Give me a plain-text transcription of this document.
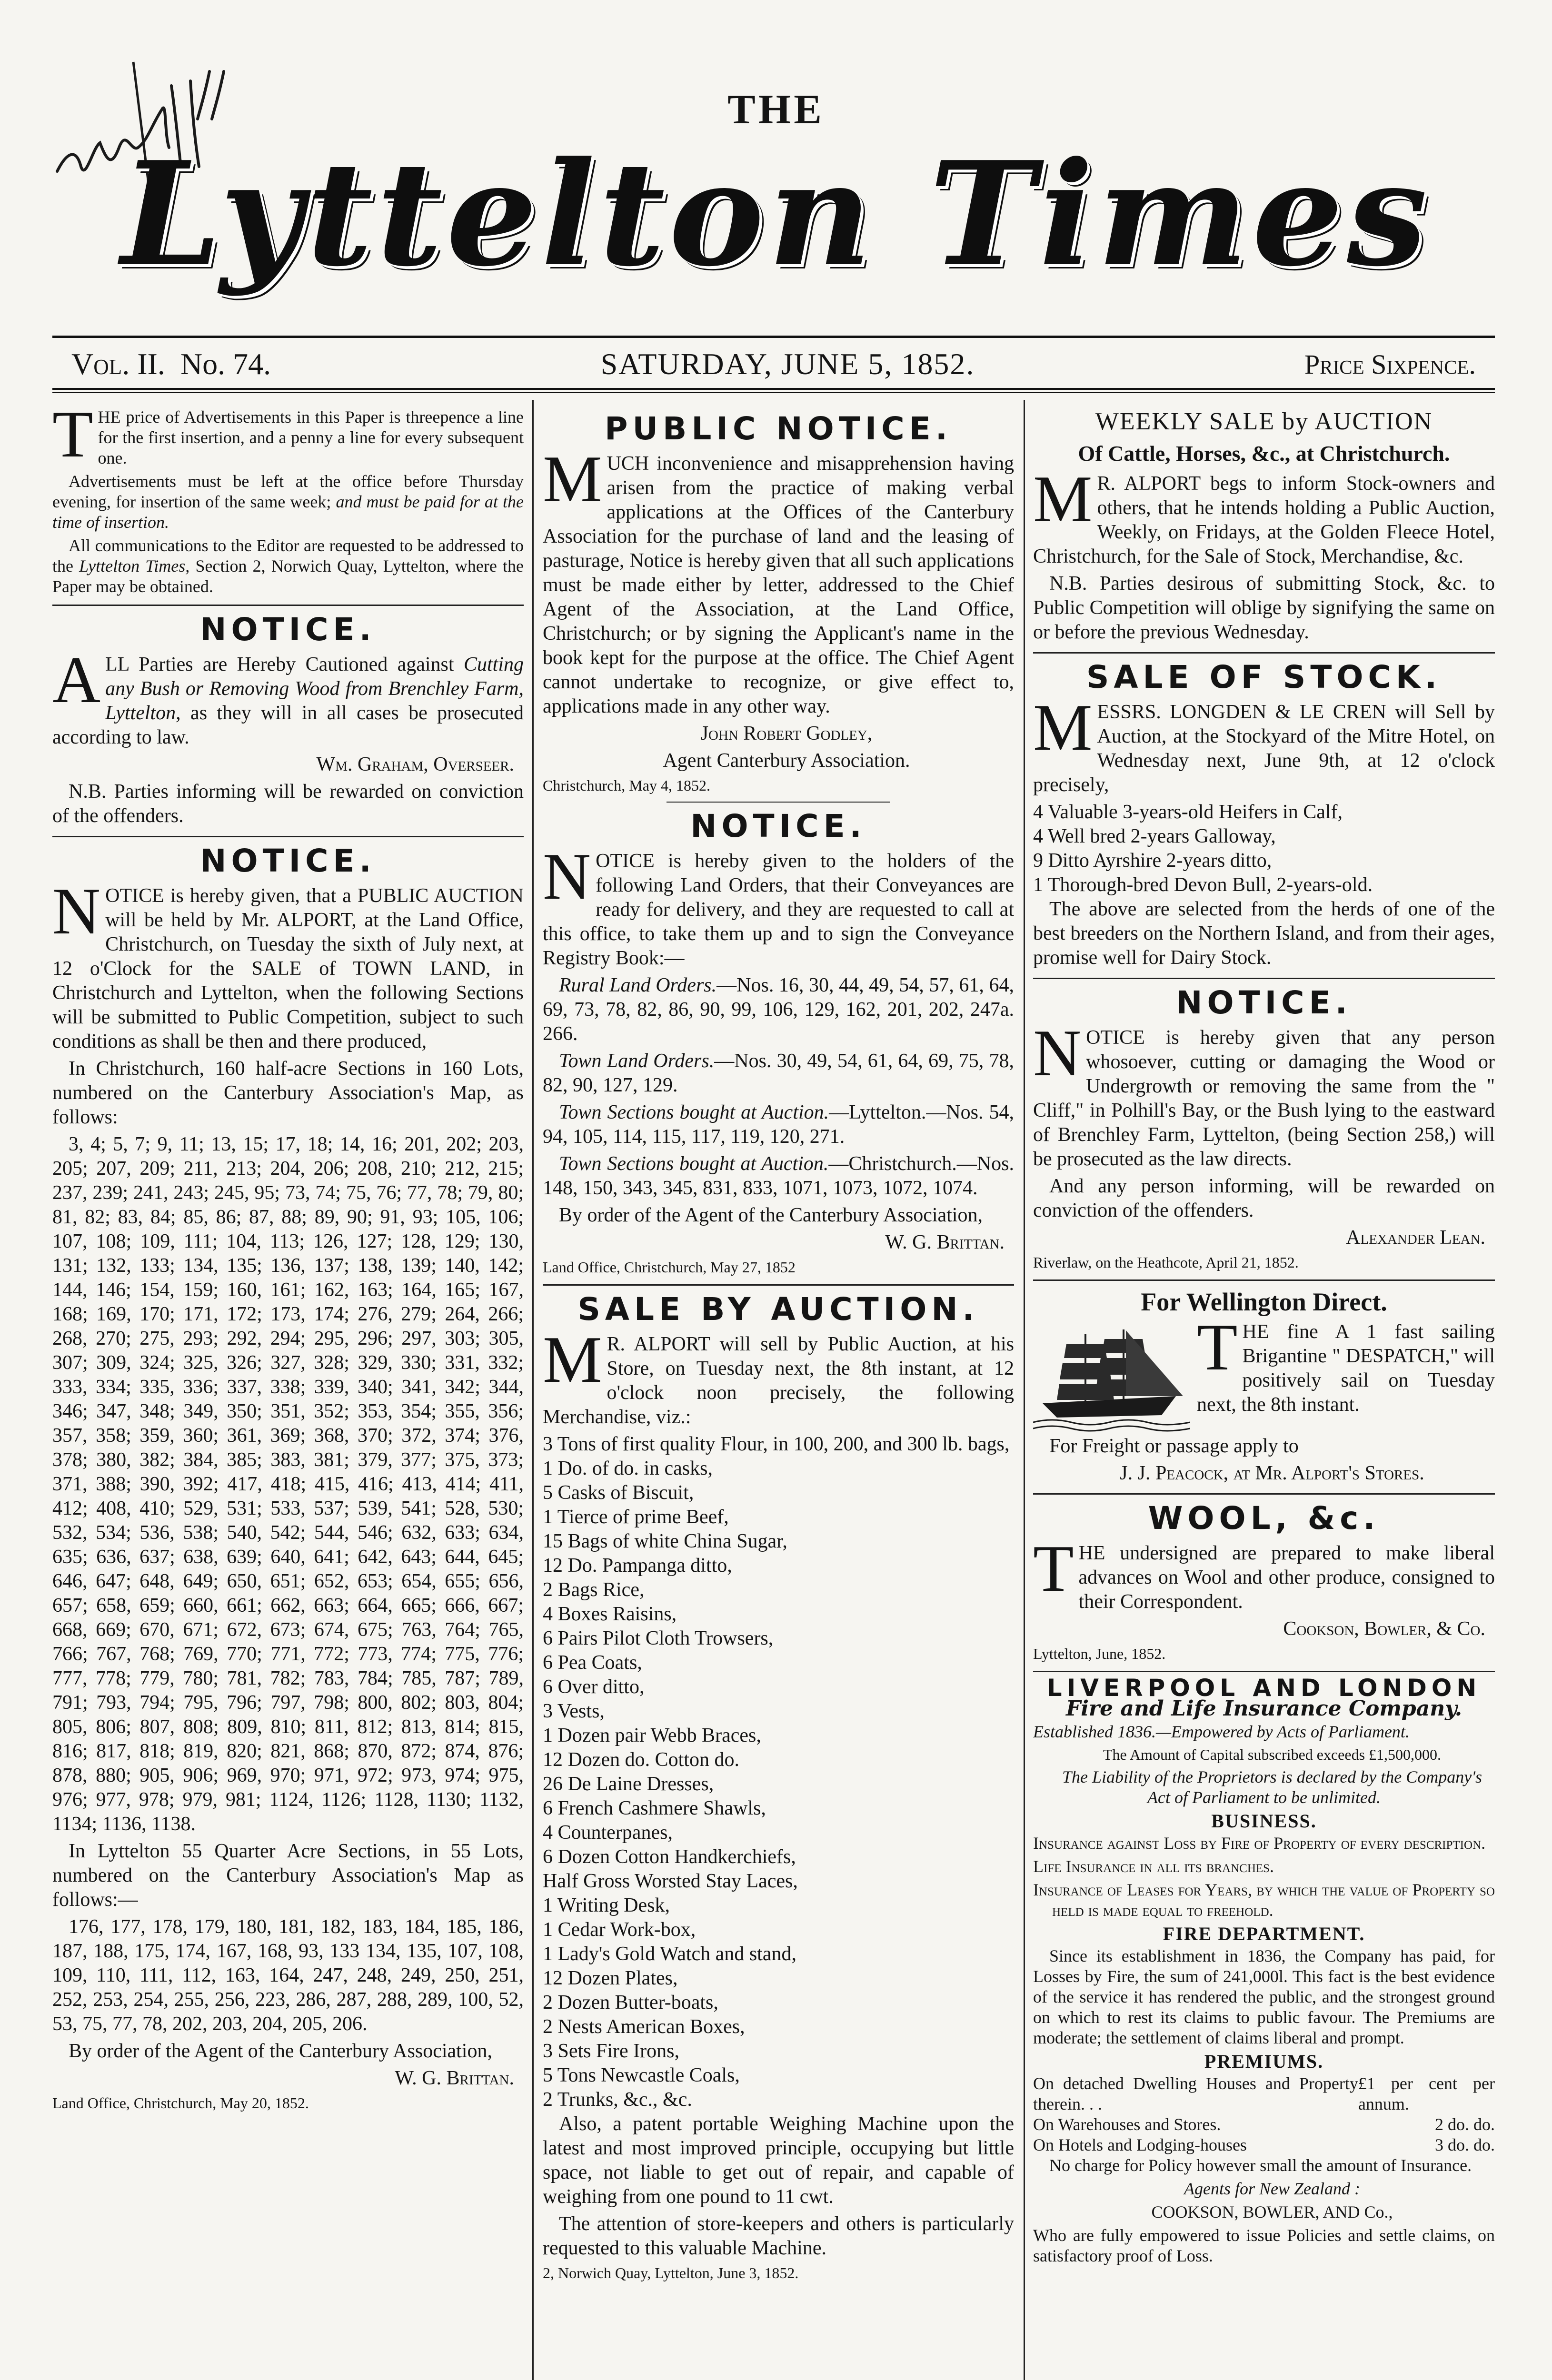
THE
Lyttelton Times
Vol. II. No. 74.	SATURDAY, JUNE 5, 1852.	Price Sixpence.

THE price of Advertisements in this Paper is threepence a line for the first insertion, and a penny a line for every subsequent one.

Advertisements must be left at the office before Thursday evening, for insertion of the same week; and must be paid for at the time of insertion.

All communications to the Editor are requested to be addressed to the Lyttelton Times, Section 2, Norwich Quay, Lyttelton, where the Paper may be obtained.

NOTICE.

ALL Parties are Hereby Cautioned against Cutting any Bush or Removing Wood from Brenchley Farm, Lyttelton, as they will in all cases be prosecuted according to law.

Wm. Graham, Overseer.

N.B. Parties informing will be rewarded on conviction of the offenders.

NOTICE.

NOTICE is hereby given, that a PUBLIC AUCTION will be held by Mr. ALPORT, at the Land Office, Christchurch, on Tuesday the sixth of July next, at 12 o'Clock for the SALE of TOWN LAND, in Christchurch and Lyttelton, when the following Sections will be submitted to Public Competition, subject to such conditions as shall be then and there produced,

In Christchurch, 160 half-acre Sections in 160 Lots, numbered on the Canterbury Association's Map, as follows:

3, 4; 5, 7; 9, 11; 13, 15; 17, 18; 14, 16; 201, 202; 203, 205; 207, 209; 211, 213; 204, 206; 208, 210; 212, 215; 237, 239; 241, 243; 245, 95; 73, 74; 75, 76; 77, 78; 79, 80; 81, 82; 83, 84; 85, 86; 87, 88; 89, 90; 91, 93; 105, 106; 107, 108; 109, 111; 104, 113; 126, 127; 128, 129; 130, 131; 132, 133; 134, 135; 136, 137; 138, 139; 140, 142; 144, 146; 154, 159; 160, 161; 162, 163; 164, 165; 167, 168; 169, 170; 171, 172; 173, 174; 276, 279; 264, 266; 268, 270; 275, 293; 292, 294; 295, 296; 297, 303; 305, 307; 309, 324; 325, 326; 327, 328; 329, 330; 331, 332; 333, 334; 335, 336; 337, 338; 339, 340; 341, 342; 344, 346; 347, 348; 349, 350; 351, 352; 353, 354; 355, 356; 357, 358; 359, 360; 361, 369; 368, 370; 372, 374; 376, 378; 380, 382; 384, 385; 383, 381; 379, 377; 375, 373; 371, 388; 390, 392; 417, 418; 415, 416; 413, 414; 411, 412; 408, 410; 529, 531; 533, 537; 539, 541; 528, 530; 532, 534; 536, 538; 540, 542; 544, 546; 632, 633; 634, 635; 636, 637; 638, 639; 640, 641; 642, 643; 644, 645; 646, 647; 648, 649; 650, 651; 652, 653; 654, 655; 656, 657; 658, 659; 660, 661; 662, 663; 664, 665; 666, 667; 668, 669; 670, 671; 672, 673; 674, 675; 763, 764; 765, 766; 767, 768; 769, 770; 771, 772; 773, 774; 775, 776; 777, 778; 779, 780; 781, 782; 783, 784; 785, 787; 789, 791; 793, 794; 795, 796; 797, 798; 800, 802; 803, 804; 805, 806; 807, 808; 809, 810; 811, 812; 813, 814; 815, 816; 817, 818; 819, 820; 821, 868; 870, 872; 874, 876; 878, 880; 905, 906; 969, 970; 971, 972; 973, 974; 975, 976; 977, 978; 979, 981; 1124, 1126; 1128, 1130; 1132, 1134; 1136, 1138.

In Lyttelton 55 Quarter Acre Sections, in 55 Lots, numbered on the Canterbury Association's Map as follows:—

176, 177, 178, 179, 180, 181, 182, 183, 184, 185, 186, 187, 188, 175, 174, 167, 168, 93, 133 134, 135, 107, 108, 109, 110, 111, 112, 163, 164, 247, 248, 249, 250, 251, 252, 253, 254, 255, 256, 223, 286, 287, 288, 289, 100, 52, 53, 75, 77, 78, 202, 203, 204, 205, 206.

By order of the Agent of the Canterbury Association,

W. G. Brittan.

Land Office, Christchurch, May 20, 1852.

PUBLIC NOTICE.

MUCH inconvenience and misapprehension having arisen from the practice of making verbal applications at the Offices of the Canterbury Association for the purchase of land and the leasing of pasturage, Notice is hereby given that all such applications must be made either by letter, addressed to the Chief Agent of the Association, at the Land Office, Christchurch; or by signing the Applicant's name in the book kept for the purpose at the office. The Chief Agent cannot undertake to recognize, or give effect to, applications made in any other way.

John Robert Godley,

Agent Canterbury Association.

Christchurch, May 4, 1852.

NOTICE.

NOTICE is hereby given to the holders of the following Land Orders, that their Conveyances are ready for delivery, and they are requested to call at this office, to take them up and to sign the Conveyance Registry Book:—

Rural Land Orders.—Nos. 16, 30, 44, 49, 54, 57, 61, 64, 69, 73, 78, 82, 86, 90, 99, 106, 129, 162, 201, 202, 247a. 266.

Town Land Orders.—Nos. 30, 49, 54, 61, 64, 69, 75, 78, 82, 90, 127, 129.

Town Sections bought at Auction.—Lyttelton.—Nos. 54, 94, 105, 114, 115, 117, 119, 120, 271.

Town Sections bought at Auction.—Christchurch.—Nos. 148, 150, 343, 345, 831, 833, 1071, 1073, 1072, 1074.

By order of the Agent of the Canterbury Association,

W. G. Brittan.

Land Office, Christchurch, May 27, 1852

SALE BY AUCTION.

M R. ALPORT will sell by Public Auction, at his Store, on Tuesday next, the 8th instant, at 12 o'clock noon precisely, the following Merchandise, viz.:

3 Tons of first quality Flour, in 100, 200, and 300 lb. bags,
1 Do. of do. in casks,
5 Casks of Biscuit,
1 Tierce of prime Beef,
15 Bags of white China Sugar,
12 Do. Pampanga ditto,
2 Bags Rice,
4 Boxes Raisins,
6 Pairs Pilot Cloth Trowsers,
6 Pea Coats,
6 Over ditto,
3 Vests,
1 Dozen pair Webb Braces,
12 Dozen do. Cotton do.
26 De Laine Dresses,
6 French Cashmere Shawls,
4 Counterpanes,
6 Dozen Cotton Handkerchiefs,
Half Gross Worsted Stay Laces,
1 Writing Desk,
1 Cedar Work-box,
1 Lady's Gold Watch and stand,
12 Dozen Plates,
2 Dozen Butter-boats,
2 Nests American Boxes,
3 Sets Fire Irons,
5 Tons Newcastle Coals,
2 Trunks, &c., &c.

Also, a patent portable Weighing Machine upon the latest and most improved principle, occupying but little space, not liable to get out of repair, and capable of weighing from one pound to 11 cwt.

The attention of store-keepers and others is particularly requested to this valuable Machine.

2, Norwich Quay, Lyttelton, June 3, 1852.

WEEKLY SALE by AUCTION
Of Cattle, Horses, &c., at Christchurch.

M R. ALPORT begs to inform Stock-owners and others, that he intends holding a Public Auction, Weekly, on Fridays, at the Golden Fleece Hotel, Christchurch, for the Sale of Stock, Merchandise, &c.

N.B. Parties desirous of submitting Stock, &c. to Public Competition will oblige by signifying the same on or before the previous Wednesday.

SALE OF STOCK.

MESSRS. LONGDEN & LE CREN will Sell by Auction, at the Stockyard of the Mitre Hotel, on Wednesday next, June 9th, at 12 o'clock precisely,

4 Valuable 3-years-old Heifers in Calf,
4 Well bred 2-years Galloway,
9 Ditto Ayrshire 2-years ditto,
1 Thorough-bred Devon Bull, 2-years-old.

The above are selected from the herds of one of the best breeders on the Northern Island, and from their ages, promise well for Dairy Stock.

NOTICE.

NOTICE is hereby given that any person whosoever, cutting or damaging the Wood or Undergrowth or removing the same from the " Cliff," in Polhill's Bay, or the Bush lying to the eastward of Brenchley Farm, Lyttelton, (being Section 258,) will be prosecuted as the law directs.

And any person informing, will be rewarded on conviction of the offenders.

Alexander Lean.

Riverlaw, on the Heathcote, April 21, 1852.

For Wellington Direct.

THE fine A 1 fast sailing Brigantine " DESPATCH," will positively sail on Tuesday next, the 8th instant.

For Freight or passage apply to

J. J. Peacock, at Mr. Alport's Stores.

WOOL, &c.

THE undersigned are prepared to make liberal advances on Wool and other produce, consigned to their Correspondent.

Cookson, Bowler, & Co.

Lyttelton, June, 1852.

LIVERPOOL AND LONDON
Fire and Life Insurance Company.

Established 1836.—Empowered by Acts of Parliament.

The Amount of Capital subscribed exceeds £1,500,000.

The Liability of the Proprietors is declared by the Company's Act of Parliament to be unlimited.

BUSINESS.

Insurance against Loss by Fire of Property of every description.

Life Insurance in all its branches.

Insurance of Leases for Years, by which the value of Property so held is made equal to freehold.

FIRE DEPARTMENT.

Since its establishment in 1836, the Company has paid, for Losses by Fire, the sum of 241,000l. This fact is the best evidence of the service it has rendered the public, and the strongest ground on which to rest its claims to public favour. The Premiums are moderate; the settlement of claims liberal and prompt.

PREMIUMS.
On detached Dwelling Houses and Property therein. . .
£1 per cent per annum.
On Warehouses and Stores.	2 do. do.
On Hotels and Lodging-houses	3 do. do.

No charge for Policy however small the amount of Insurance.

Agents for New Zealand :

COOKSON, BOWLER, AND Co.,

Who are fully empowered to issue Policies and settle claims, on satisfactory proof of Loss.
